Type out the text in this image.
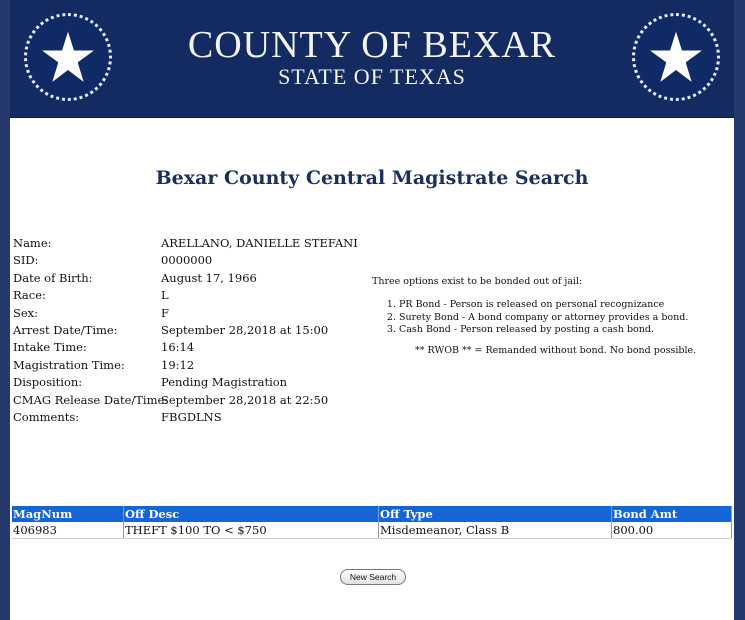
COUNTY OF BEXAR
STATE OF TEXAS
Bexar County Central Magistrate Search
Name:	ARELLANO, DANIELLE STEFANI
SID:	0000000
Date of Birth:	August 17, 1966
Race:	L
Sex:	F
Arrest Date/Time:	September 28,2018 at 15:00
Intake Time:	16:14
Magistration Time:	19:12
Disposition:	Pending Magistration
CMAG Release Date/Time:
September 28,2018 at 22:50
Comments:	FBGDLNS
Three options exist to be bonded out of jail:
1. PR Bond - Person is released on personal recognizance
2. Surety Bond - A bond company or attorney provides a bond.
3. Cash Bond - Person released by posting a cash bond.
** RWOB ** = Remanded without bond. No bond possible.
MagNum	Off Desc	Off Type	Bond Amt
406983	THEFT $100 TO < $750	Misdemeanor, Class B	800.00
New Search
